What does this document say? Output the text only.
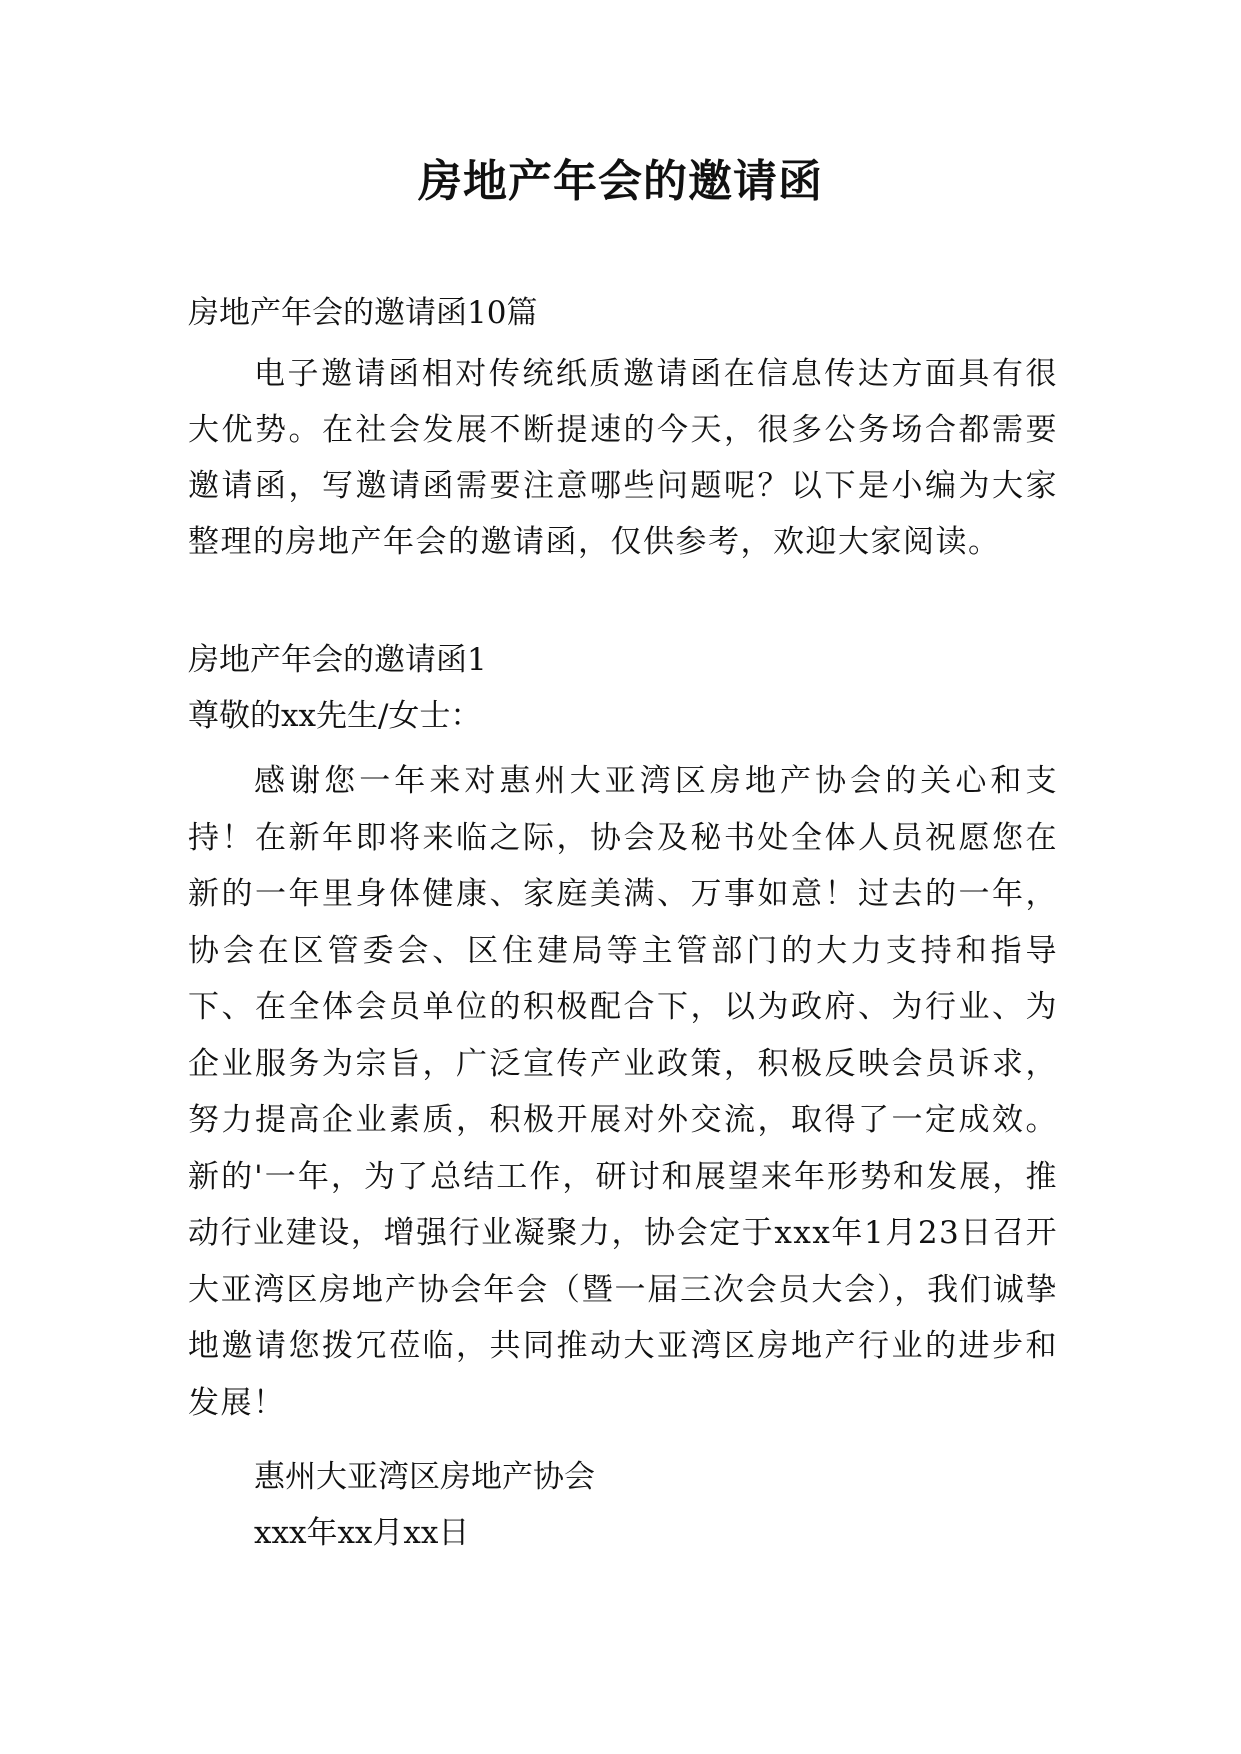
房地产年会的邀请函

房地产年会的邀请函10篇

电子邀请函相对传统纸质邀请函在信息传达方面具有很大优势。在社会发展不断提速的今天，很多公务场合都需要邀请函，写邀请函需要注意哪些问题呢？以下是小编为大家整理的房地产年会的邀请函，仅供参考，欢迎大家阅读。

房地产年会的邀请函1

尊敬的xx先生/女士：

感谢您一年来对惠州大亚湾区房地产协会的关心和支持！在新年即将来临之际，协会及秘书处全体人员祝愿您在新的一年里身体健康、家庭美满、万事如意！过去的一年，协会在区管委会、区住建局等主管部门的大力支持和指导下、在全体会员单位的积极配合下，以为政府、为行业、为企业服务为宗旨，广泛宣传产业政策，积极反映会员诉求，努力提高企业素质，积极开展对外交流，取得了一定成效。新的'一年，为了总结工作，研讨和展望来年形势和发展，推动行业建设，增强行业凝聚力，协会定于xxx年1月23日召开大亚湾区房地产协会年会（暨一届三次会员大会），我们诚挚地邀请您拨冗莅临，共同推动大亚湾区房地产行业的进步和发展！

惠州大亚湾区房地产协会

xxx年xx月xx日
